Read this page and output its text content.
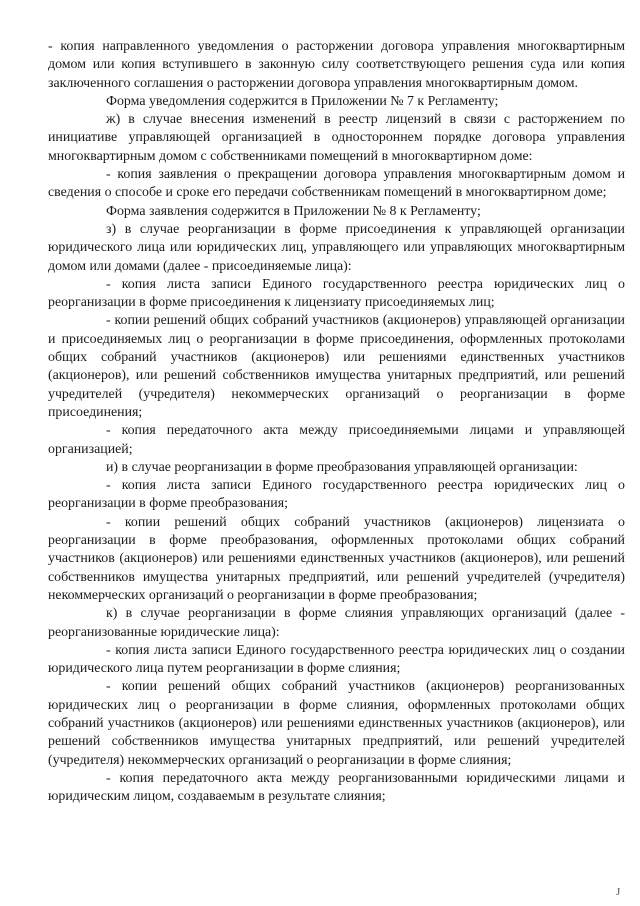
- копия направленного уведомления о расторжении договора управления многоквартирным домом или копия вступившего в законную силу соответствующего решения суда или копия заключенного соглашения о расторжении договора управления многоквартирным домом.

Форма уведомления содержится в Приложении № 7 к Регламенту;

ж) в случае внесения изменений в реестр лицензий в связи с расторжением по инициативе управляющей организацией в одностороннем порядке договора управления многоквартирным домом с собственниками помещений в многоквартирном доме:

- копия заявления о прекращении договора управления многоквартирным домом и сведения о способе и сроке его передачи собственникам помещений в многоквартирном доме;

Форма заявления содержится в Приложении № 8 к Регламенту;

з) в случае реорганизации в форме присоединения к управляющей организации юридического лица или юридических лиц, управляющего или управляющих многоквартирным домом или домами (далее - присоединяемые лица):

- копия листа записи Единого государственного реестра юридических лиц о реорганизации в форме присоединения к лицензиату присоединяемых лиц;

- копии решений общих собраний участников (акционеров) управляющей организации и присоединяемых лиц о реорганизации в форме присоединения, оформленных протоколами общих собраний участников (акционеров) или решениями единственных участников (акционеров), или решений собственников имущества унитарных предприятий, или решений учредителей (учредителя) некоммерческих организаций о реорганизации в форме присоединения;

- копия передаточного акта между присоединяемыми лицами и управляющей организацией;

и) в случае реорганизации в форме преобразования управляющей организации:

- копия листа записи Единого государственного реестра юридических лиц о реорганизации в форме преобразования;

- копии решений общих собраний участников (акционеров) лицензиата о реорганизации в форме преобразования, оформленных протоколами общих собраний участников (акционеров) или решениями единственных участников (акционеров), или решений собственников имущества унитарных предприятий, или решений учредителей (учредителя) некоммерческих организаций о реорганизации в форме преобразования;

к) в случае реорганизации в форме слияния управляющих организаций (далее - реорганизованные юридические лица):

- копия листа записи Единого государственного реестра юридических лиц о создании юридического лица путем реорганизации в форме слияния;

- копии решений общих собраний участников (акционеров) реорганизованных юридических лиц о реорганизации в форме слияния, оформленных протоколами общих собраний участников (акционеров) или решениями единственных участников (акционеров), или решений собственников имущества унитарных предприятий, или решений учредителей (учредителя) некоммерческих организаций о реорганизации в форме слияния;

- копия передаточного акта между реорганизованными юридическими лицами и юридическим лицом, создаваемым в результате слияния;

J
